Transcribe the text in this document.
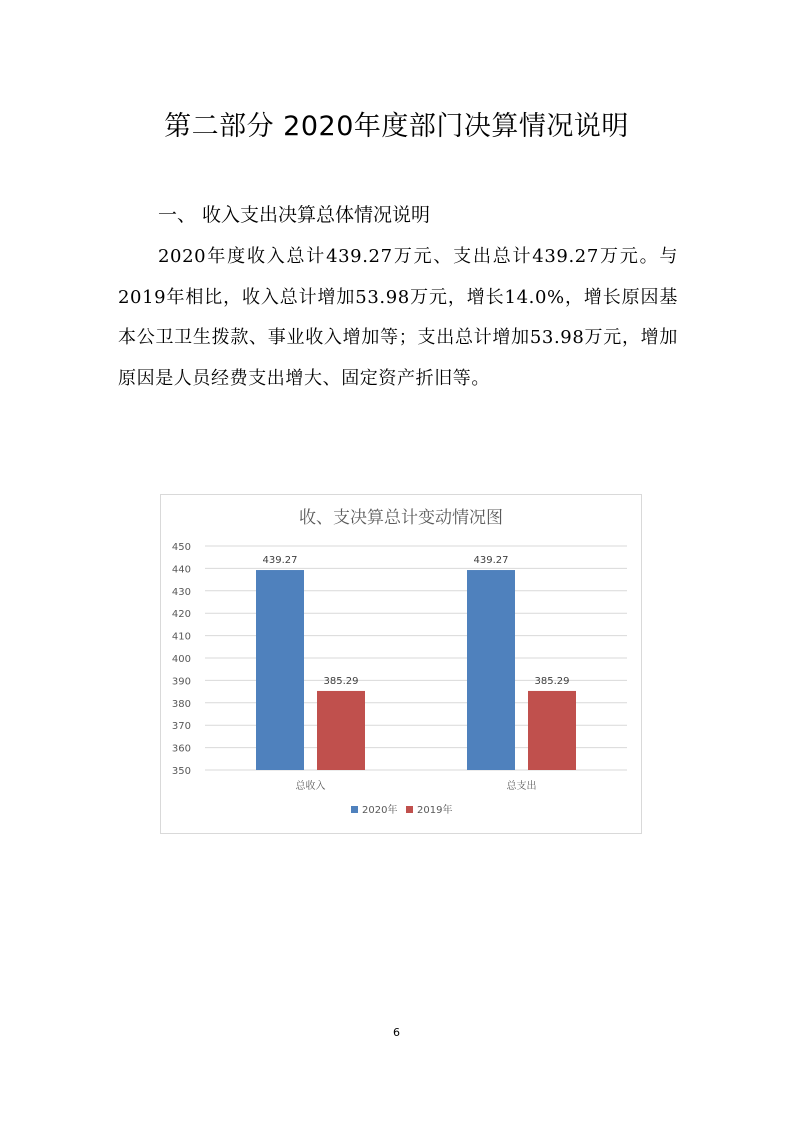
第二部分 2020年度部门决算情况说明
一、 收入支出决算总体情况说明

2020年度收入总计439.27万元、支出总计439.27万元。与2019年相比，收入总计增加53.98万元，增长14.0%，增长原因基本公卫卫生拨款、事业收入增加等；支出总计增加53.98万元，增加原因是人员经费支出增大、固定资产折旧等。

收、支决算总计变动情况图
350
360
370
380
390
400
410
420
430
440
450
439.27
385.29
总收入
439.27
385.29
总支出
2020年 2019年
6
